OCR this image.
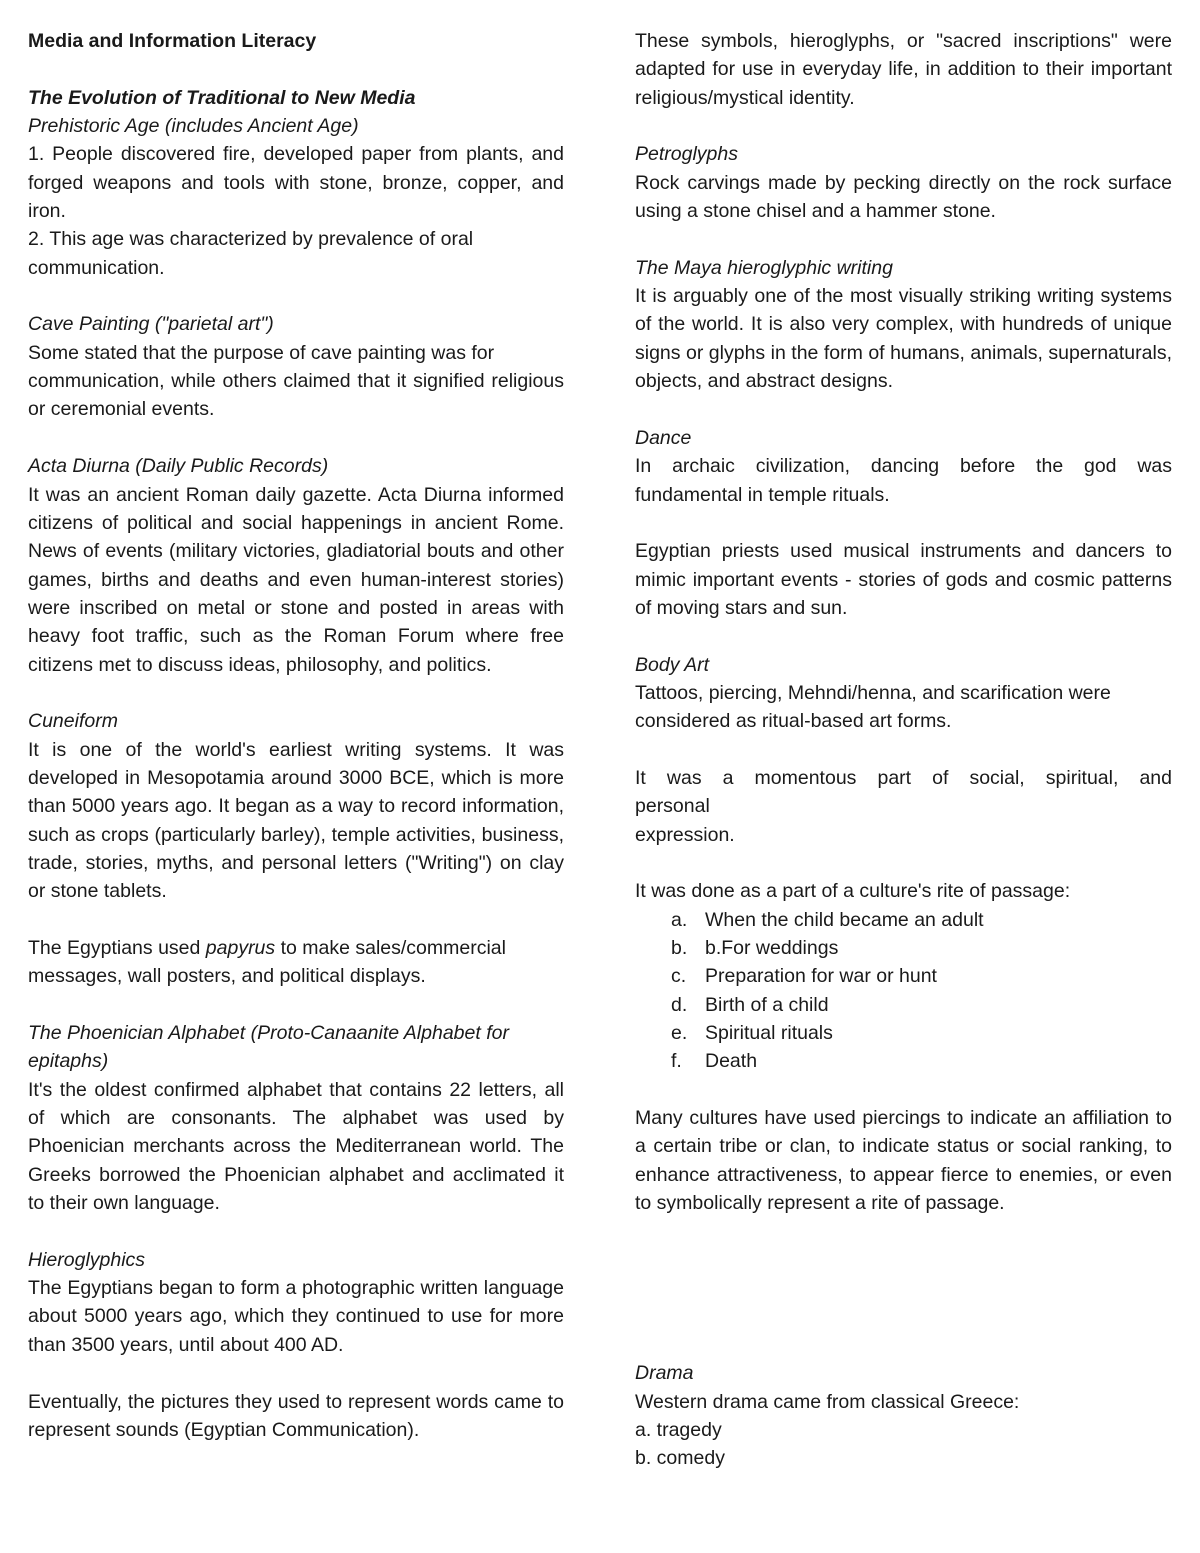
Media and Information Literacy

The Evolution of Traditional to New Media

Prehistoric Age (includes Ancient Age)

1. People discovered fire, developed paper from plants, and forged weapons and tools with stone, bronze, copper, and iron.

2. This age was characterized by prevalence of oral

communication.

Cave Painting ("parietal art")

Some stated that the purpose of cave painting was for

communication, while others claimed that it signified religious or ceremonial events.

Acta Diurna (Daily Public Records)

It was an ancient Roman daily gazette. Acta Diurna informed citizens of political and social happenings in ancient Rome. News of events (military victories, gladiatorial bouts and other games, births and deaths and even human-interest stories) were inscribed on metal or stone and posted in areas with heavy foot traffic, such as the Roman Forum where free citizens met to discuss ideas, philosophy, and politics.

Cuneiform

It is one of the world's earliest writing systems. It was developed in Mesopotamia around 3000 BCE, which is more than 5000 years ago. It began as a way to record information, such as crops (particularly barley), temple activities, business, trade, stories, myths, and personal letters ("Writing") on clay or stone tablets.

The Egyptians used papyrus to make sales/commercial

messages, wall posters, and political displays.

The Phoenician Alphabet (Proto-Canaanite Alphabet for epitaphs)

It's the oldest confirmed alphabet that contains 22 letters, all of which are consonants. The alphabet was used by Phoenician merchants across the Mediterranean world. The Greeks borrowed the Phoenician alphabet and acclimated it to their own language.

Hieroglyphics

The Egyptians began to form a photographic written language about 5000 years ago, which they continued to use for more than 3500 years, until about 400 AD.

Eventually, the pictures they used to represent words came to represent sounds (Egyptian Communication).

These symbols, hieroglyphs, or "sacred inscriptions" were adapted for use in everyday life, in addition to their important religious/mystical identity.

Petroglyphs

Rock carvings made by pecking directly on the rock surface using a stone chisel and a hammer stone.

The Maya hieroglyphic writing

It is arguably one of the most visually striking writing systems of the world. It is also very complex, with hundreds of unique signs or glyphs in the form of humans, animals, supernaturals, objects, and abstract designs.

Dance

In archaic civilization, dancing before the god was fundamental in temple rituals.

Egyptian priests used musical instruments and dancers to mimic important events - stories of gods and cosmic patterns of moving stars and sun.

Body Art

Tattoos, piercing, Mehndi/henna, and scarification were

considered as ritual-based art forms.

It was a momentous part of social, spiritual, and

personal

expression.

It was done as a part of a culture's rite of passage:

a. When the child became an adult
b. b.For weddings
c. Preparation for war or hunt
d. Birth of a child
e. Spiritual rituals
f. Death

Many cultures have used piercings to indicate an affiliation to a certain tribe or clan, to indicate status or social ranking, to enhance attractiveness, to appear fierce to enemies, or even to symbolically represent a rite of passage.

Drama

Western drama came from classical Greece:

a. tragedy

b. comedy
